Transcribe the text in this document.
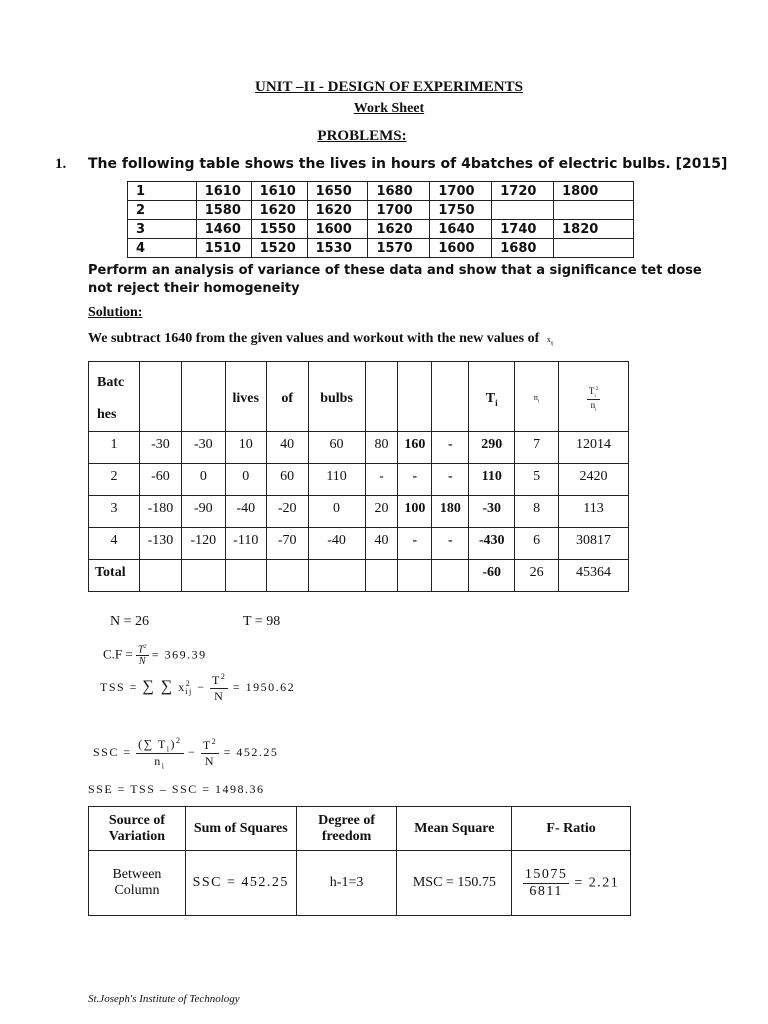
UNIT –II - DESIGN OF EXPERIMENTS
Work Sheet
PROBLEMS:
1. The following table shows the lives in hours of 4batches of electric bulbs. [2015]
1	1610	1610	1650	1680	1700	1720	1800
2	1580	1620	1620	1700	1750		
3	1460	1550	1600	1620	1640	1740	1820
4	1510	1520	1530	1570	1600	1680	
Perform an analysis of variance of these data and show that a significance tet dose not reject their homogeneity
Solution:
We subtract 1640 from the given values and workout with the new values of $x_{ij}$
Batc
hes			lives	of	bulbs				$T_i$	$n_i$	$\frac{T_i^2}{n_i}$

1	-30	-30	10	40	60	80	160	-	290	7	12014
2	-60	0	0	60	110	-	-	-	110	5	2420
3	-180	-90	-40	-20	0	20	100	180	-30	8	113
4	-130	-120	-110	-70	-40	40	-	-	-430	6	30817
Total									-60	26	45364
N = 26	T = 98
$C.F = \frac{T^2}{N} = 369.39$
TSS = ∑ ∑ $x^2_{ij} - \frac{T^2}{N} = 1950.62$
SSC = $\frac{(\sum T_i)^2}{n_i} - \frac{T^2}{N} = 452.25$
SSE = TSS – SSC = 1498.36
Source of Variation	Sum of Squares	Degree of freedom	Mean Square	F- Ratio
Between Column	SSC = 452.25	h-1=3	MSC = 150.75	$\frac{15075}{6811} = 2.21$
St.Joseph's Institute of Technology
